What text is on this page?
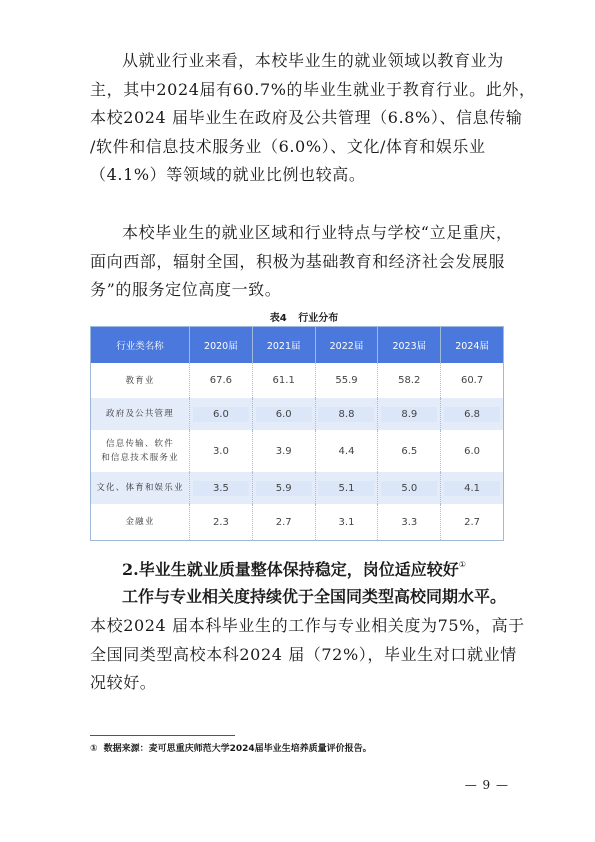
从就业行业来看，本校毕业生的就业领域以教育业为
主，其中2024届有60.7%的毕业生就业于教育行业。此外，
本校2024 届毕业生在政府及公共管理（6.8%）、信息传输
/软件和信息技术服务业（6.0%）、文化/体育和娱乐业
（4.1%）等领域的就业比例也较高。
本校毕业生的就业区域和行业特点与学校“立足重庆，
面向西部，辐射全国，积极为基础教育和经济社会发展服
务”的服务定位高度一致。
表4 行业分布
行业类名称	2020届	2021届	2022届	2023届	2024届
教育业	67.6	61.1	55.9	58.2	60.7
政府及公共管理	6.0	6.0	8.8	8.9	6.8
信息传输、软件
和信息技术服务业	3.0	3.9	4.4	6.5	6.0
文化、体育和娱乐业	3.5	5.9	5.1	5.0	4.1
金融业	2.3	2.7	3.1	3.3	2.7

2.毕业生就业质量整体保持稳定，岗位适应较好①

工作与专业相关度持续优于全国同类型高校同期水平。

本校2024 届本科毕业生的工作与专业相关度为75%，高于
全国同类型高校本科2024 届（72%），毕业生对口就业情
况较好。
① 数据来源：麦可思重庆师范大学2024届毕业生培养质量评价报告。
— 9 —
